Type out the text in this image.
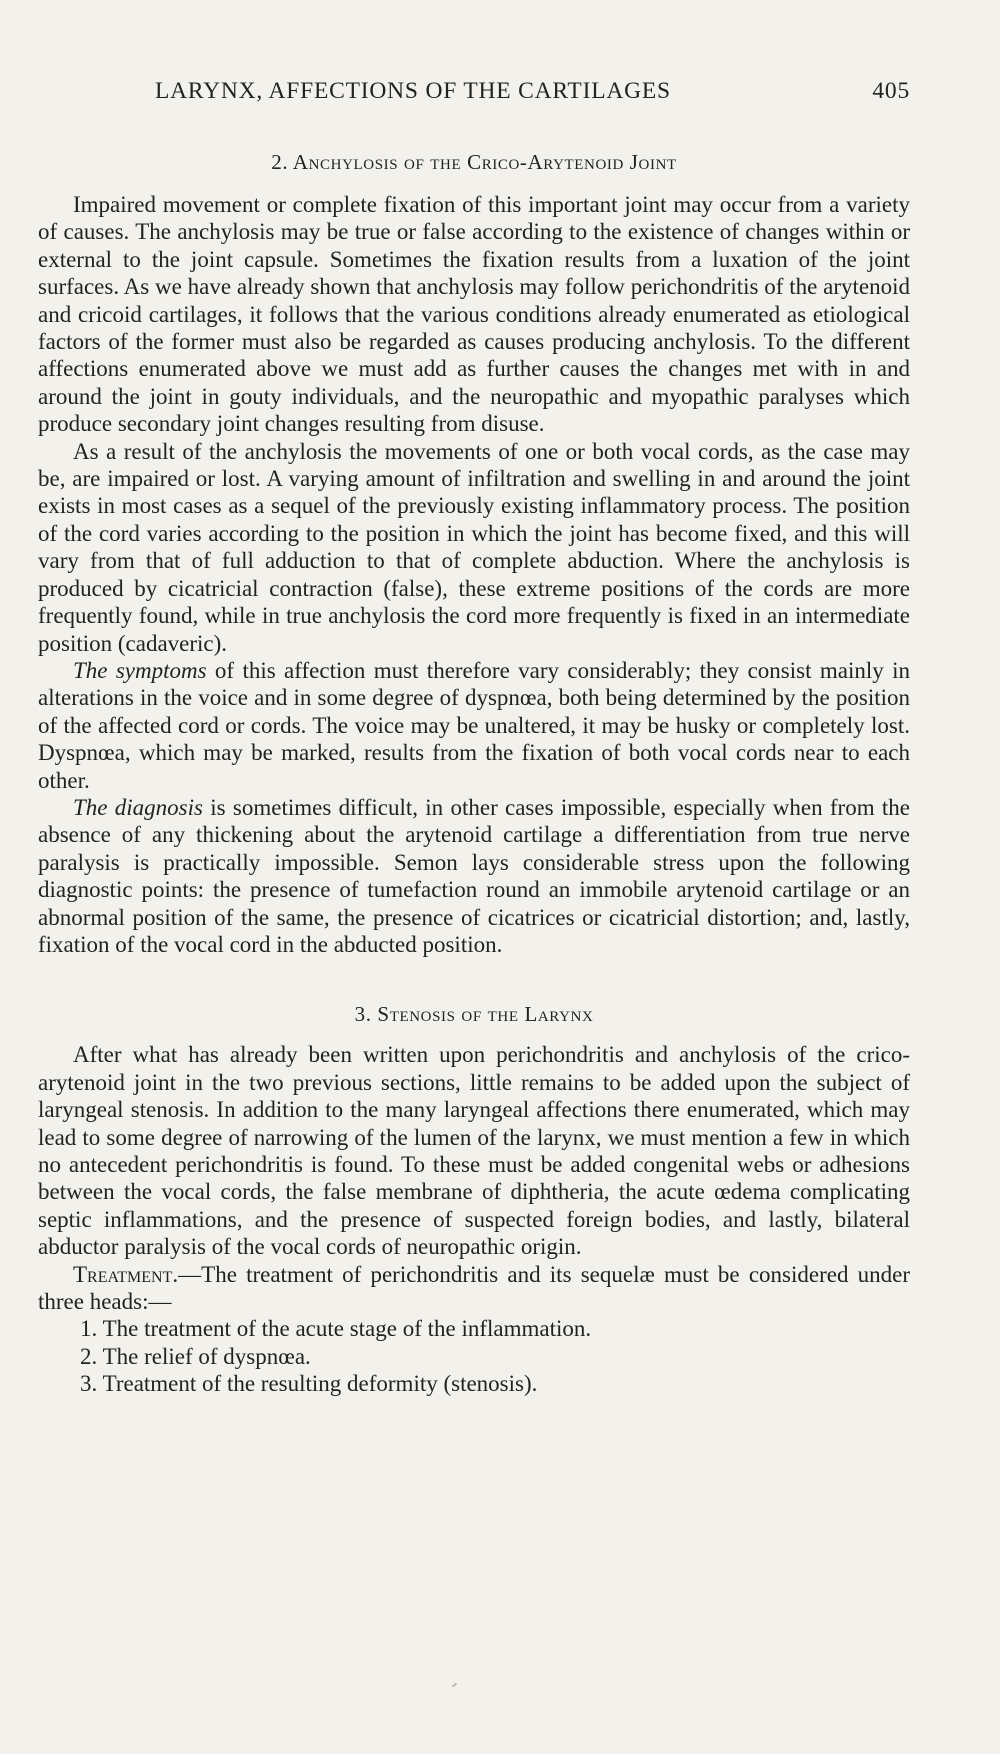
LARYNX, AFFECTIONS OF THE CARTILAGES	405
2. Anchylosis of the Crico-Arytenoid Joint

Impaired movement or complete fixation of this important joint may occur from a variety of causes. The anchylosis may be true or false according to the existence of changes within or external to the joint capsule. Sometimes the fixation results from a luxation of the joint surfaces. As we have already shown that anchylosis may follow perichondritis of the arytenoid and cricoid cartilages, it follows that the various conditions already enumerated as etiological factors of the former must also be regarded as causes producing anchylosis. To the different affections enumerated above we must add as further causes the changes met with in and around the joint in gouty individuals, and the neuropathic and myopathic paralyses which produce secondary joint changes resulting from disuse.

As a result of the anchylosis the movements of one or both vocal cords, as the case may be, are impaired or lost. A varying amount of infiltration and swelling in and around the joint exists in most cases as a sequel of the previously existing inflammatory process. The position of the cord varies according to the position in which the joint has become fixed, and this will vary from that of full adduction to that of complete abduction. Where the anchylosis is produced by cicatricial contraction (false), these extreme positions of the cords are more frequently found, while in true anchylosis the cord more frequently is fixed in an intermediate position (cadaveric).

The symptoms of this affection must therefore vary considerably; they consist mainly in alterations in the voice and in some degree of dyspnœa, both being determined by the position of the affected cord or cords. The voice may be unaltered, it may be husky or completely lost. Dyspnœa, which may be marked, results from the fixation of both vocal cords near to each other.

The diagnosis is sometimes difficult, in other cases impossible, especially when from the absence of any thickening about the arytenoid cartilage a differentiation from true nerve paralysis is practically impossible. Semon lays considerable stress upon the following diagnostic points: the presence of tumefaction round an immobile arytenoid cartilage or an abnormal position of the same, the presence of cicatrices or cicatricial distortion; and, lastly, fixation of the vocal cord in the abducted position.

3. Stenosis of the Larynx

After what has already been written upon perichondritis and anchylosis of the crico-arytenoid joint in the two previous sections, little remains to be added upon the subject of laryngeal stenosis. In addition to the many laryngeal affections there enumerated, which may lead to some degree of narrowing of the lumen of the larynx, we must mention a few in which no antecedent perichondritis is found. To these must be added congenital webs or adhesions between the vocal cords, the false membrane of diphtheria, the acute œdema complicating septic inflammations, and the presence of suspected foreign bodies, and lastly, bilateral abductor paralysis of the vocal cords of neuropathic origin.

Treatment.—The treatment of perichondritis and its sequelæ must be considered under three heads:—

1. The treatment of the acute stage of the inflammation.
2. The relief of dyspnœa.
3. Treatment of the resulting deformity (stenosis).
